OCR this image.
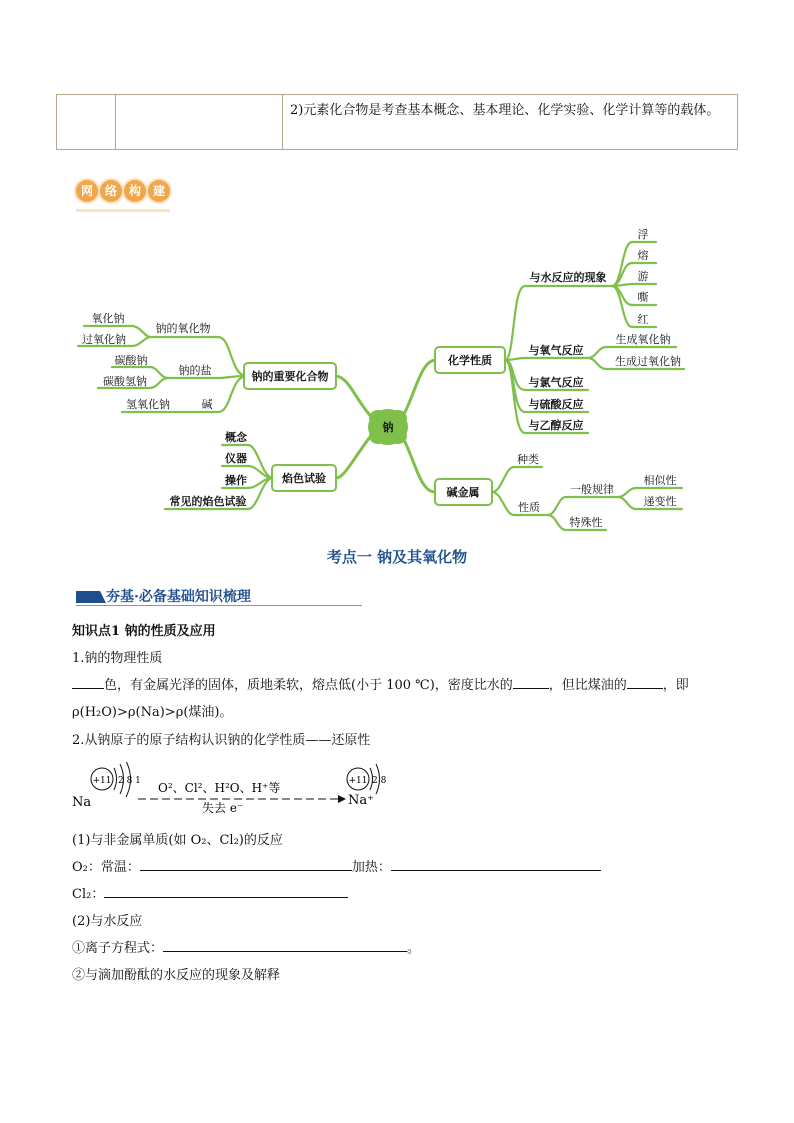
2)元素化合物是考查基本概念、基本理论、化学实验、化学计算等的载体。
网 络 构 建
钠
钠的重要化合物
钠的氧化物
氧化钠
过氧化钠
钠的盐
碳酸钠
碳酸氢钠
碱
氢氧化钠
焰色试验
概念
仪器
操作
常见的焰色试验
化学性质
与水反应的现象
浮
熔
游
嘶
红
与氧气反应
生成氧化钠
生成过氧化钠
与氯气反应
与硫酸反应
与乙醇反应
碱金属
种类
性质
一般规律
特殊性
相似性
递变性
考点一 钠及其氧化物
夯基·必备基础知识梳理
知识点1 钠的性质及应用
1.钠的物理性质
色，有金属光泽的固体，质地柔软，熔点低(小于 100 ℃)，密度比水的	，但比煤油的	，即
ρ(H₂O)>ρ(Na)>ρ(煤油)。
2.从钠原子的原子结构认识钠的化学性质——还原性
+11 2 8 1
Na
O²、Cl²、H²O、H⁺等
失去 e⁻	Na⁺
+11 2 8
(1)与非金属单质(如 O₂、Cl₂)的反应
O₂：常温：	加热：
Cl₂：
(2)与水反应
①离子方程式：	。
②与滴加酚酞的水反应的现象及解释
